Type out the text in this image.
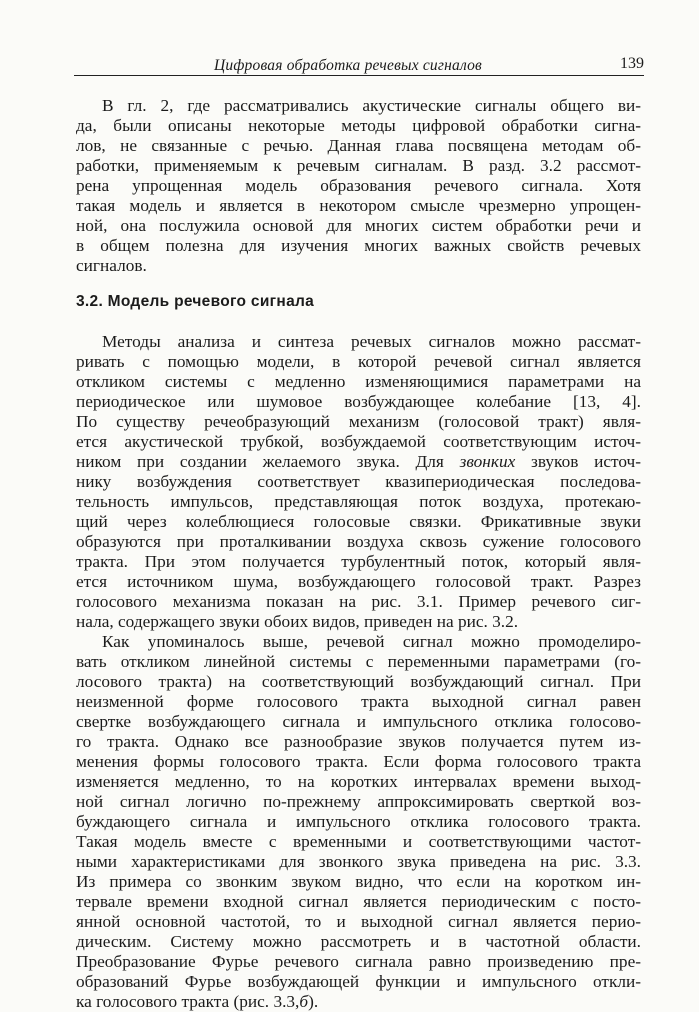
Цифровая обработка речевых сигналов	139
В гл. 2, где рассматривались акустические сигналы общего ви-
да, были описаны некоторые методы цифровой обработки сигна-
лов, не связанные с речью. Данная глава посвящена методам об-
работки, применяемым к речевым сигналам. В разд. 3.2 рассмот-
рена упрощенная модель образования речевого сигнала. Хотя
такая модель и является в некотором смысле чрезмерно упрощен-
ной, она послужила основой для многих систем обработки речи и
в общем полезна для изучения многих важных свойств речевых
сигналов.
3.2. Модель речевого сигнала
Методы анализа и синтеза речевых сигналов можно рассмат-
ривать с помощью модели, в которой речевой сигнал является
откликом системы с медленно изменяющимися параметрами на
периодическое или шумовое возбуждающее колебание [13, 4].
По существу речеобразующий механизм (голосовой тракт) явля-
ется акустической трубкой, возбуждаемой соответствующим источ-
ником при создании желаемого звука. Для звонких звуков источ-
нику возбуждения соответствует квазипериодическая последова-
тельность импульсов, представляющая поток воздуха, протекаю-
щий через колеблющиеся голосовые связки. Фрикативные звуки
образуются при проталкивании воздуха сквозь сужение голосового
тракта. При этом получается турбулентный поток, который явля-
ется источником шума, возбуждающего голосовой тракт. Разрез
голосового механизма показан на рис. 3.1. Пример речевого сиг-
нала, содержащего звуки обоих видов, приведен на рис. 3.2.
Как упоминалось выше, речевой сигнал можно промоделиро-
вать откликом линейной системы с переменными параметрами (го-
лосового тракта) на соответствующий возбуждающий сигнал. При
неизменной форме голосового тракта выходной сигнал равен
свертке возбуждающего сигнала и импульсного отклика голосово-
го тракта. Однако все разнообразие звуков получается путем из-
менения формы голосового тракта. Если форма голосового тракта
изменяется медленно, то на коротких интервалах времени выход-
ной сигнал логично по-прежнему аппроксимировать сверткой воз-
буждающего сигнала и импульсного отклика голосового тракта.
Такая модель вместе с временными и соответствующими частот-
ными характеристиками для звонкого звука приведена на рис. 3.3.
Из примера со звонким звуком видно, что если на коротком ин-
тервале времени входной сигнал является периодическим с посто-
янной основной частотой, то и выходной сигнал является перио-
дическим. Систему можно рассмотреть и в частотной области.
Преобразование Фурье речевого сигнала равно произведению пре-
образований Фурье возбуждающей функции и импульсного откли-
ка голосового тракта (рис. 3.3,б).
